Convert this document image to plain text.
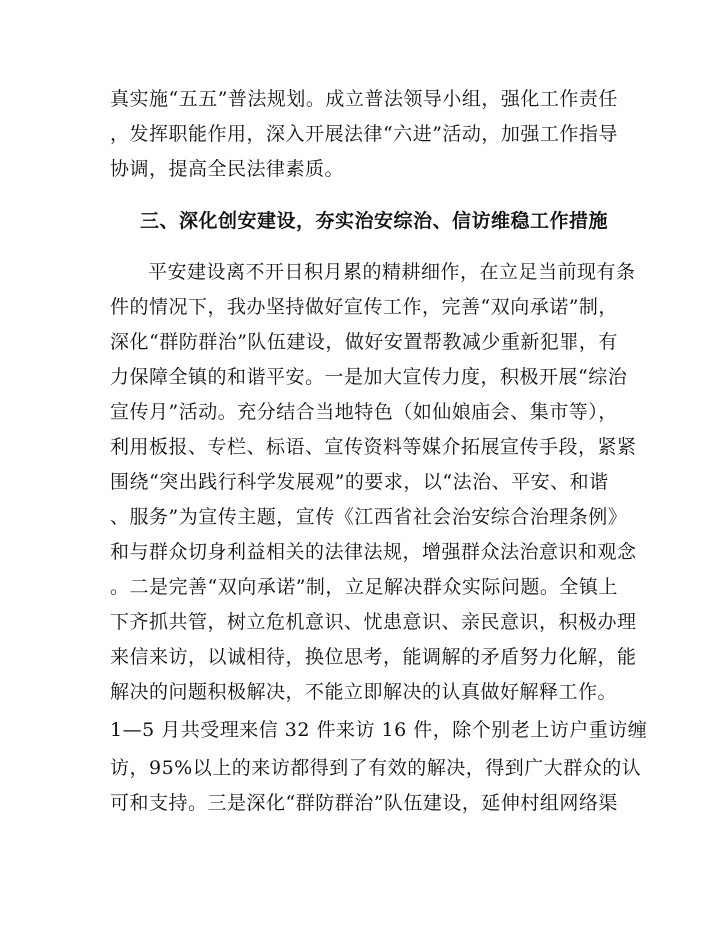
真实施“五五”普法规划。成立普法领导小组，强化工作责任
，发挥职能作用，深入开展法律“六进”活动，加强工作指导
协调，提高全民法律素质。
三、深化创安建设，夯实治安综治、信访维稳工作措施
平安建设离不开日积月累的精耕细作，在立足当前现有条
件的情况下，我办坚持做好宣传工作，完善“双向承诺”制，
深化“群防群治”队伍建设，做好安置帮教减少重新犯罪，有
力保障全镇的和谐平安。一是加大宣传力度，积极开展“综治
宣传月”活动。充分结合当地特色（如仙娘庙会、集市等），
利用板报、专栏、标语、宣传资料等媒介拓展宣传手段，紧紧
围绕“突出践行科学发展观”的要求，以“法治、平安、和谐
、服务”为宣传主题，宣传《江西省社会治安综合治理条例》
和与群众切身利益相关的法律法规，增强群众法治意识和观念
。二是完善“双向承诺”制，立足解决群众实际问题。全镇上
下齐抓共管，树立危机意识、忧患意识、亲民意识，积极办理
来信来访，以诚相待，换位思考，能调解的矛盾努力化解，能
解决的问题积极解决，不能立即解决的认真做好解释工作。
1—5 月共受理来信 32 件来访 16 件，除个别老上访户重访缠
访，95%以上的来访都得到了有效的解决，得到广大群众的认
可和支持。三是深化“群防群治”队伍建设，延伸村组网络渠
